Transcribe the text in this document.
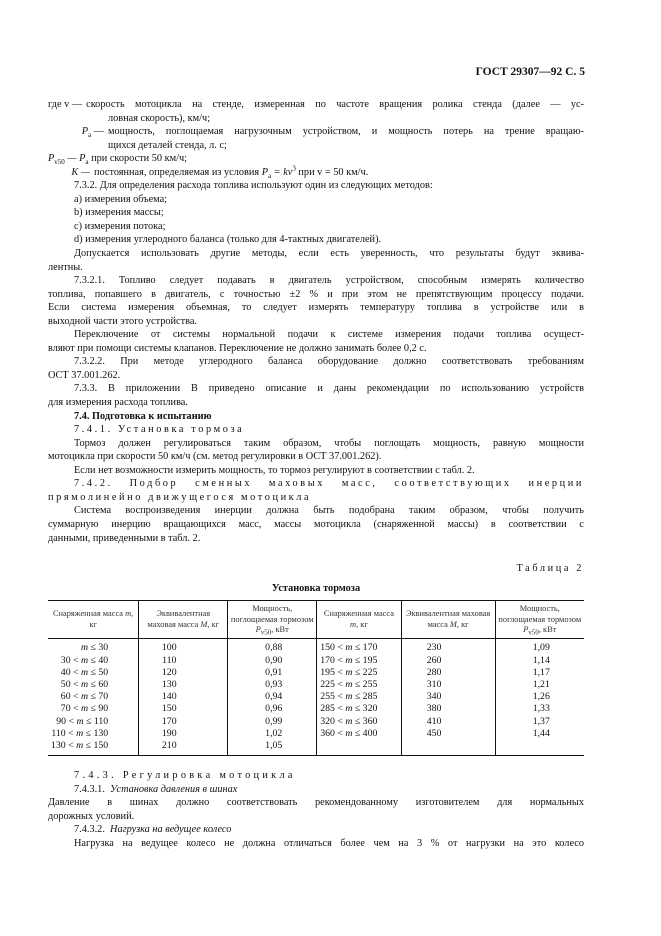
ГОСТ 29307—92 С. 5
где v — скорость мотоцикла на стенде, измеренная по частоте вращения ролика стенда (далее — ус-
ловная скорость), км/ч;
$P_a$ — мощность, поглощаемая нагрузочным устройством, и мощность потерь на трение вращаю-
щихся деталей стенда, л. с;
$P_{v50}$ — $P_a$ при скорости 50 км/ч;
K — постоянная, определяемая из условия $P_a = kv^3$ при v = 50 км/ч.
7.3.2. Для определения расхода топлива используют один из следующих методов:
a) измерения объема;
b) измерения массы;
c) измерения потока;
d) измерения углеродного баланса (только для 4-тактных двигателей).
Допускается использовать другие методы, если есть уверенность, что результаты будут эквива-
лентны.
7.3.2.1. Топливо следует подавать в двигатель устройством, способным измерять количество
топлива, попавшего в двигатель, с точностью ±2 % и при этом не препятствующим процессу подачи.
Если система измерения объемная, то следует измерять температуру топлива в устройстве или в
выходной части этого устройства.
Переключение от системы нормальной подачи к системе измерения подачи топлива осущест-
вляют при помощи системы клапанов. Переключение не должно занимать более 0,2 с.
7.3.2.2. При методе углеродного баланса оборудование должно соответствовать требованиям
ОСТ 37.001.262.
7.3.3. В приложении В приведено описание и даны рекомендации по использованию устройств
для измерения расхода топлива.
7.4. Подготовка к испытанию
7.4.1. Установка тормоза
Тормоз должен регулироваться таким образом, чтобы поглощать мощность, равную мощности
мотоцикла при скорости 50 км/ч (см. метод регулировки в ОСТ 37.001.262).
Если нет возможности измерить мощность, то тормоз регулируют в соответствии с табл. 2.
7.4.2. Подбор сменных маховых масс, соответствующих инерции
прямолинейно движущегося мотоцикла
Система воспроизведения инерции должна быть подобрана таким образом, чтобы получить
суммарную инерцию вращающихся масс, массы мотоцикла (снаряженной массы) в соответствии с
данными, приведенными в табл. 2.
Таблица 2
Установка тормоза
Снаряженная масса m, кг	Эквивалентная маховая масса M, кг	Мощность, поглощаемая тормозом $P_{v50}$, кВт	Снаряженная масса m, кг	Эквивалентная маховая масса M, кг	Мощность, поглощаемая тормозом $P_{v50}$, кВт
m ≤ 30	100	0,88	150 < m ≤ 170	230	1,09
30 < m ≤ 40	110	0,90	170 < m ≤ 195	260	1,14
40 < m ≤ 50	120	0,91	195 < m ≤ 225	280	1,17
50 < m ≤ 60	130	0,93	225 < m ≤ 255	310	1,21
60 < m ≤ 70	140	0,94	255 < m ≤ 285	340	1,26
70 < m ≤ 90	150	0,96	285 < m ≤ 320	380	1,33
90 < m ≤ 110	170	0,99	320 < m ≤ 360	410	1,37
110 < m ≤ 130	190	1,02	360 < m ≤ 400	450	1,44
130 < m ≤ 150	210	1,05			
7.4.3. Регулировка мотоцикла
7.4.3.1. Установка давления в шинах
Давление в шинах должно соответствовать рекомендованному изготовителем для нормальных
дорожных условий.
7.4.3.2. Нагрузка на ведущее колесо
Нагрузка на ведущее колесо не должна отличаться более чем на 3 % от нагрузки на это колесо
